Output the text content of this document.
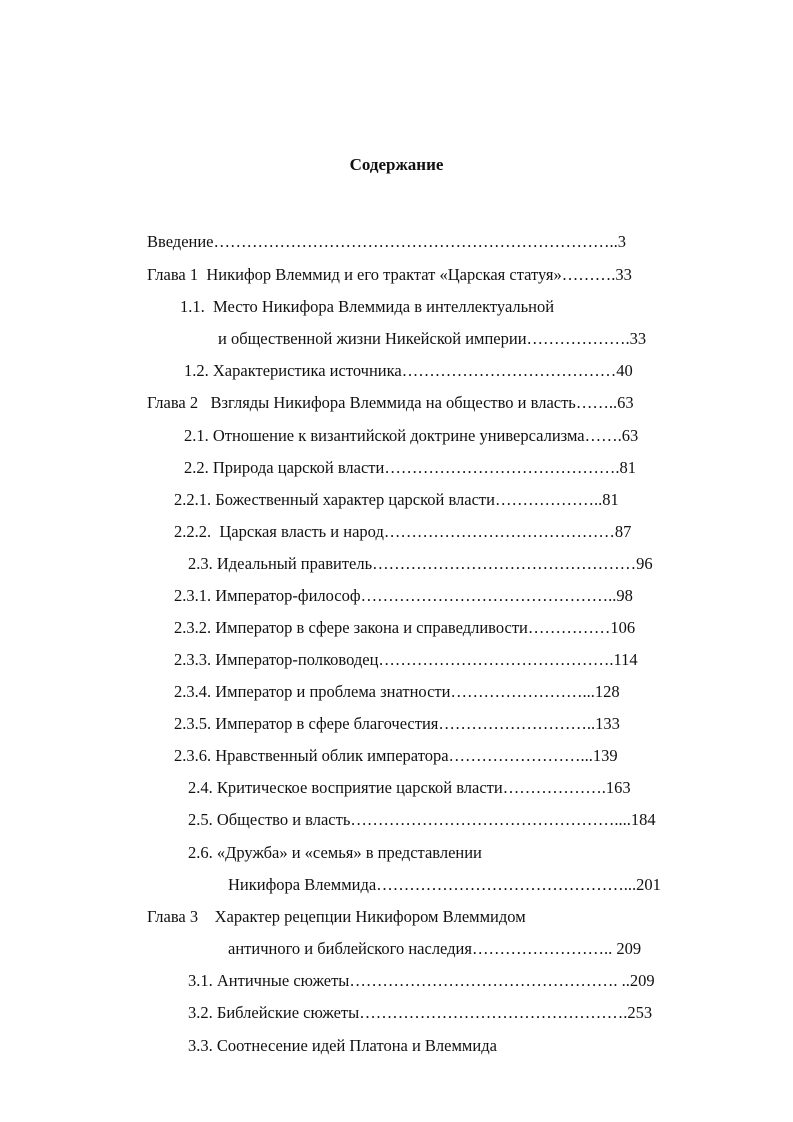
Содержание
Введение………………………………………………………………..3
Глава 1  Никифор Влеммид и его трактат «Царская статуя»……….33
1.1.  Место Никифора Влеммида в интеллектуальной
и общественной жизни Никейской империи……………….33
1.2. Характеристика источника…………………………………40
Глава 2   Взгляды Никифора Влеммида на общество и власть……..63
2.1. Отношение к византийской доктрине универсализма…….63
2.2. Природа царской власти…………………………………….81
2.2.1. Божественный характер царской власти………………..81
2.2.2.  Царская власть и народ……………………………………87
2.3. Идеальный правитель…………………………………………96
2.3.1. Император-философ………………………………………..98
2.3.2. Император в сфере закона и справедливости……………106
2.3.3. Император-полководец…………………………………….114
2.3.4. Император и проблема знатности……………………...128
2.3.5. Император в сфере благочестия………………………..133
2.3.6. Нравственный облик императора……………………...139
2.4. Критическое восприятие царской власти……………….163
2.5. Общество и власть…………………………………………....184
2.6. «Дружба» и «семья» в представлении
Никифора Влеммида………………………………………...201
Глава 3    Характер рецепции Никифором Влеммидом
античного и библейского наследия…………………….. 209
3.1. Античные сюжеты…………………………………………. ..209
3.2. Библейские сюжеты………………………………………….253
3.3. Соотнесение идей Платона и Влеммида
